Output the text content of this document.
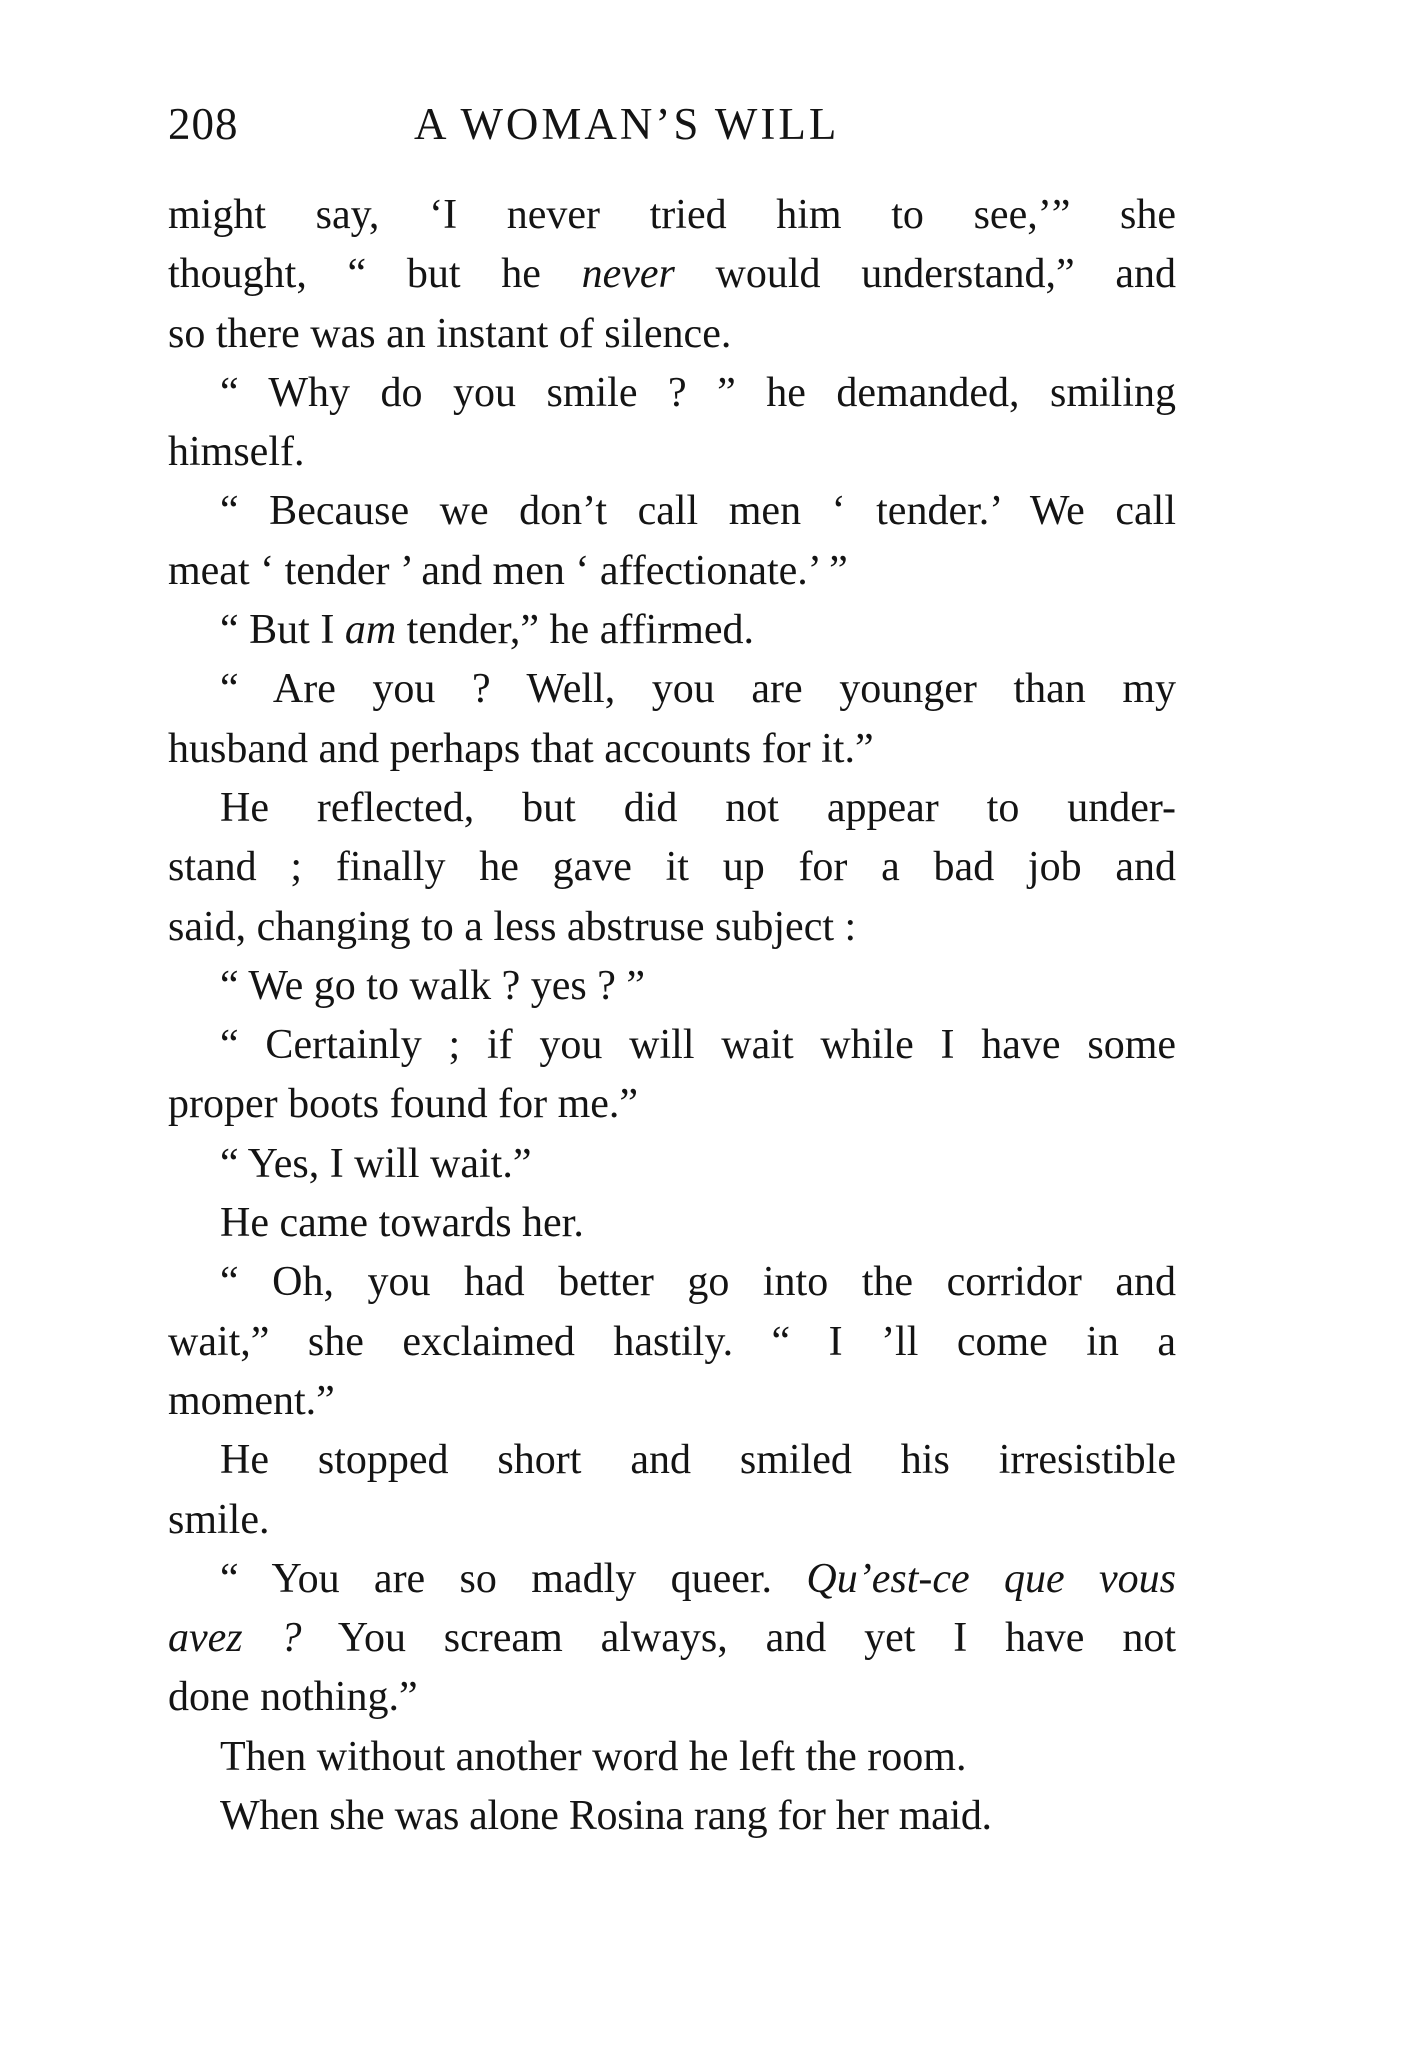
208	A WOMAN’S WILL
might say, ‘I never tried him to see,’” she
thought, “ but he never would understand,” and
so there was an instant of silence.
“ Why do you smile ? ” he demanded, smiling
himself.
“ Because we don’t call men ‘ tender.’ We call
meat ‘ tender ’ and men ‘ affectionate.’ ”
“ But I am tender,” he affirmed.
“ Are you ? Well, you are younger than my
husband and perhaps that accounts for it.”
He reflected, but did not appear to under-
stand ; finally he gave it up for a bad job and
said, changing to a less abstruse subject :
“ We go to walk ? yes ? ”
“ Certainly ; if you will wait while I have some
proper boots found for me.”
“ Yes, I will wait.”
He came towards her.
“ Oh, you had better go into the corridor and
wait,” she exclaimed hastily. “ I ’ll come in a
moment.”
He stopped short and smiled his irresistible
smile.
“ You are so madly queer. Qu’est-ce que vous
avez ? You scream always, and yet I have not
done nothing.”
Then without another word he left the room.
When she was alone Rosina rang for her maid.
